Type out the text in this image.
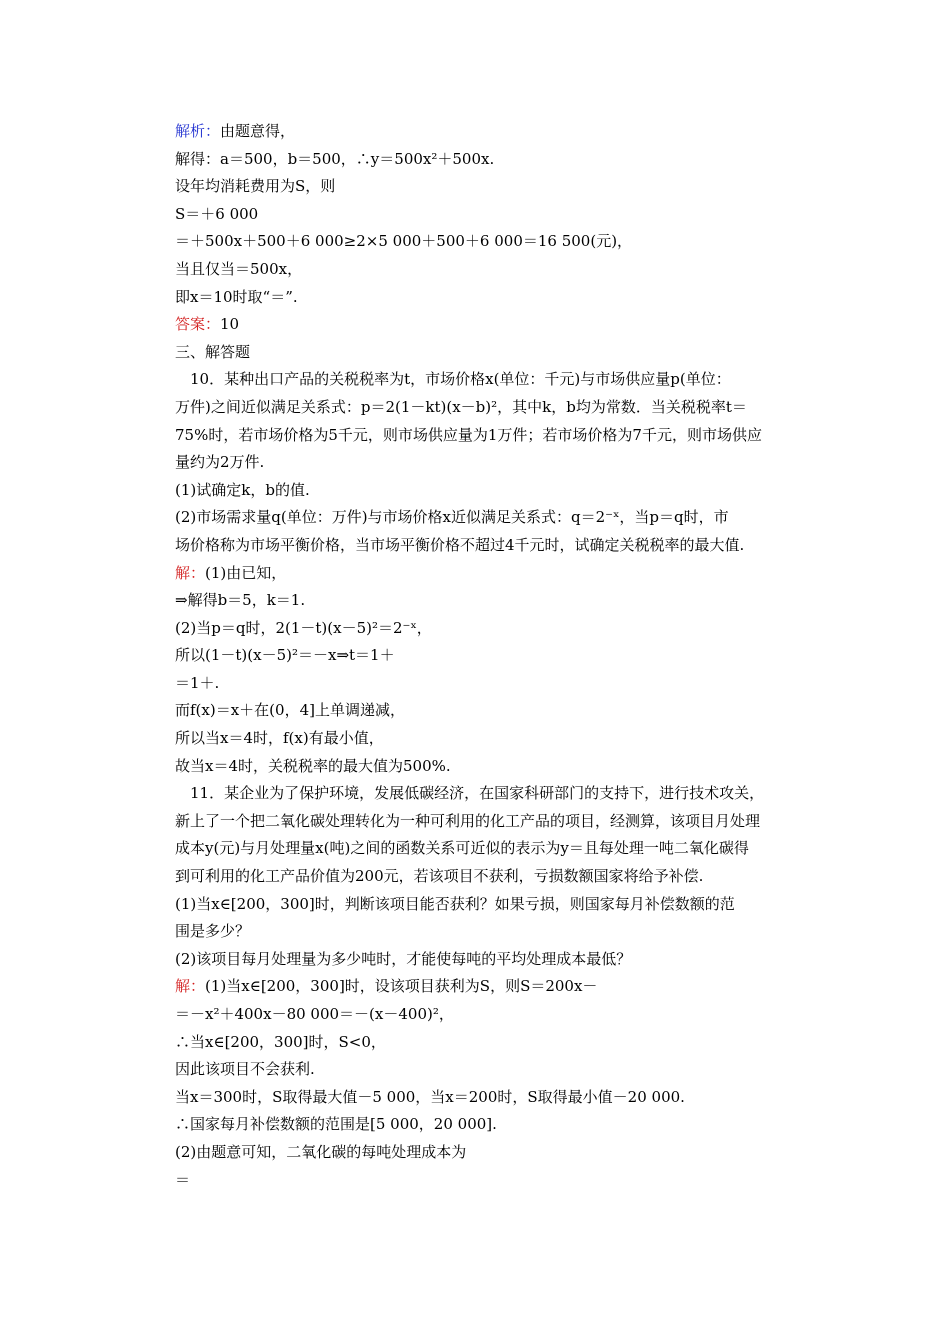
解析：由题意得，
解得：a＝500，b＝500，∴y＝500x²＋500x.
设年均消耗费用为S，则
S＝＋6 000
＝＋500x＋500＋6 000≥2×5 000＋500＋6 000＝16 500(元)，
当且仅当＝500x，
即x＝10时取“＝”.
答案：10
三、解答题
10．某种出口产品的关税税率为t，市场价格x(单位：千元)与市场供应量p(单位：
万件)之间近似满足关系式：p＝2(1－kt)(x－b)²，其中k，b均为常数．当关税税率t＝
75%时，若市场价格为5千元，则市场供应量为1万件；若市场价格为7千元，则市场供应
量约为2万件.
(1)试确定k，b的值.
(2)市场需求量q(单位：万件)与市场价格x近似满足关系式：q＝2⁻ˣ，当p＝q时，市
场价格称为市场平衡价格，当市场平衡价格不超过4千元时，试确定关税税率的最大值.
解：(1)由已知，
⇒解得b＝5，k＝1.
(2)当p＝q时，2(1－t)(x－5)²＝2⁻ˣ，
所以(1－t)(x－5)²＝－x⇒t＝1＋
＝1＋.
而f(x)＝x＋在(0，4]上单调递减，
所以当x＝4时，f(x)有最小值，
故当x＝4时，关税税率的最大值为500%.
11．某企业为了保护环境，发展低碳经济，在国家科研部门的支持下，进行技术攻关，
新上了一个把二氧化碳处理转化为一种可利用的化工产品的项目，经测算，该项目月处理
成本y(元)与月处理量x(吨)之间的函数关系可近似的表示为y＝且每处理一吨二氧化碳得
到可利用的化工产品价值为200元，若该项目不获利，亏损数额国家将给予补偿.
(1)当x∈[200，300]时，判断该项目能否获利？如果亏损，则国家每月补偿数额的范
围是多少？
(2)该项目每月处理量为多少吨时，才能使每吨的平均处理成本最低？
解：(1)当x∈[200，300]时，设该项目获利为S，则S＝200x－
＝－x²＋400x－80 000＝－(x－400)²，
∴当x∈[200，300]时，S<0，
因此该项目不会获利.
当x＝300时，S取得最大值－5 000，当x＝200时，S取得最小值－20 000.
∴国家每月补偿数额的范围是[5 000，20 000].
(2)由题意可知，二氧化碳的每吨处理成本为
＝
